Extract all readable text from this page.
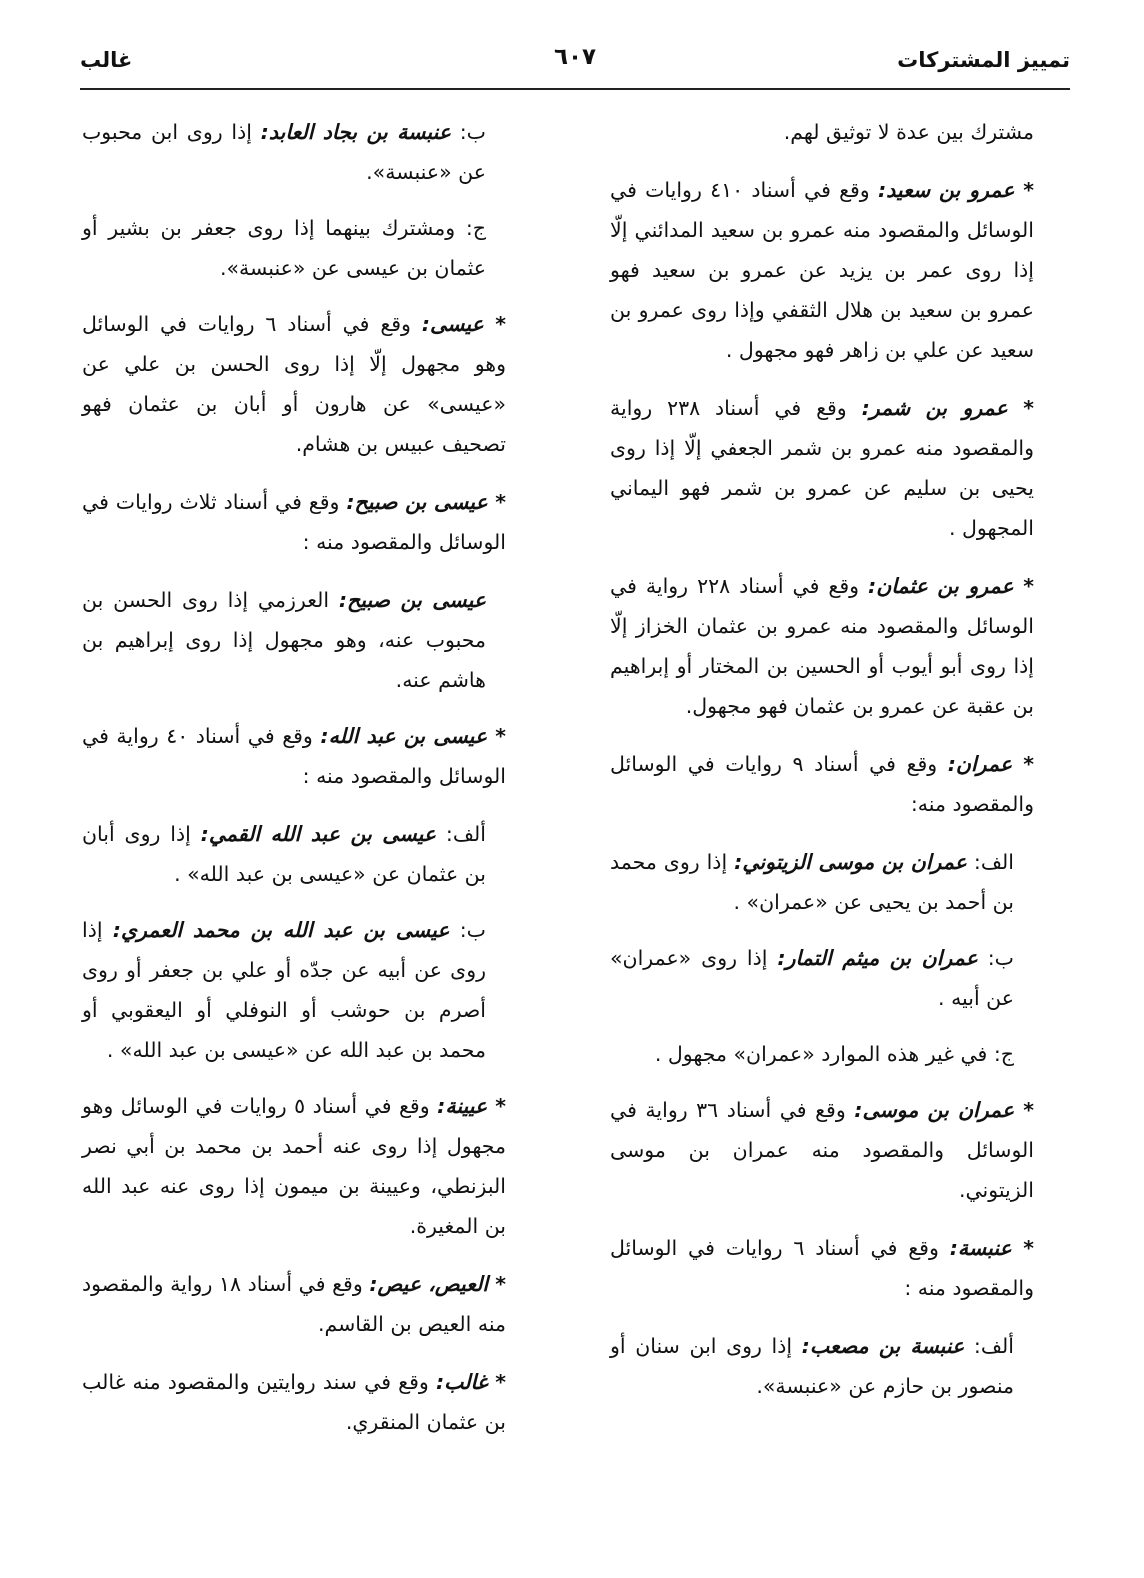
تمييز المشتركات
٦٠٧
غالب

مشترك بين عدة لا توثيق لهم.

* عمرو بن سعيد: وقع في أسناد ٤١٠ روايات في الوسائل والمقصود منه عمرو بن سعيد المدائني إلّا إذا روى عمر بن يزيد عن عمرو بن سعيد فهو عمرو بن سعيد بن هلال الثقفي وإذا روى عمرو بن سعيد عن علي بن زاهر فهو مجهول .

* عمرو بن شمر: وقع في أسناد ٢٣٨ رواية والمقصود منه عمرو بن شمر الجعفي إلّا إذا روى يحيى بن سليم عن عمرو بن شمر فهو اليماني المجهول .

* عمرو بن عثمان: وقع في أسناد ٢٢٨ رواية في الوسائل والمقصود منه عمرو بن عثمان الخزاز إلّا إذا روى أبو أيوب أو الحسين بن المختار أو إبراهيم بن عقبة عن عمرو بن عثمان فهو مجهول.

* عمران: وقع في أسناد ٩ روايات في الوسائل والمقصود منه:

الف: عمران بن موسى الزيتوني: إذا روى محمد بن أحمد بن يحيى عن «عمران» .

ب: عمران بن ميثم التمار: إذا روى «عمران» عن أبيه .

ج: في غير هذه الموارد «عمران» مجهول .

* عمران بن موسى: وقع في أسناد ٣٦ رواية في الوسائل والمقصود منه عمران بن موسى الزيتوني.

* عنبسة: وقع في أسناد ٦ روايات في الوسائل والمقصود منه :

ألف: عنبسة بن مصعب: إذا روى ابن سنان أو منصور بن حازم عن «عنبسة».

ب: عنبسة بن بجاد العابد: إذا روى ابن محبوب عن «عنبسة».

ج: ومشترك بينهما إذا روى جعفر بن بشير أو عثمان بن عيسى عن «عنبسة».

* عيسى: وقع في أسناد ٦ روايات في الوسائل وهو مجهول إلّا إذا روى الحسن بن علي عن «عيسى» عن هارون أو أبان بن عثمان فهو تصحيف عبيس بن هشام.

* عيسى بن صبيح: وقع في أسناد ثلاث روايات في الوسائل والمقصود منه :

عيسى بن صبيح: العرزمي إذا روى الحسن بن محبوب عنه، وهو مجهول إذا روى إبراهيم بن هاشم عنه.

* عيسى بن عبد الله: وقع في أسناد ٤٠ رواية في الوسائل والمقصود منه :

ألف: عيسى بن عبد الله القمي: إذا روى أبان بن عثمان عن «عيسى بن عبد الله» .

ب: عيسى بن عبد الله بن محمد العمري: إذا روى عن أبيه عن جدّه أو علي بن جعفر أو روى أصرم بن حوشب أو النوفلي أو اليعقوبي أو محمد بن عبد الله عن «عيسى بن عبد الله» .

* عيينة: وقع في أسناد ٥ روايات في الوسائل وهو مجهول إذا روى عنه أحمد بن محمد بن أبي نصر البزنطي، وعيينة بن ميمون إذا روى عنه عبد الله بن المغيرة.

* العيص، عيص: وقع في أسناد ١٨ رواية والمقصود منه العيص بن القاسم.

* غالب: وقع في سند روايتين والمقصود منه غالب بن عثمان المنقري.
